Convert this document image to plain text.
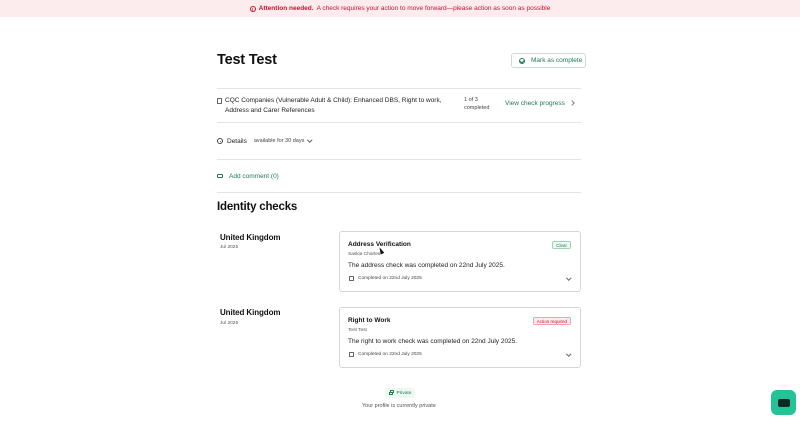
! Attention needed. A check requires your action to move forward—please action as soon as possible
Test Test	Mark as complete
CQC Companies (Vulnerable Adult & Child): Enhanced DBS, Right to work, Address and Carer References
1 of 3 completed
View check progress
Details available for 30 days
Add comment (0)
Identity checks
United Kingdom
Jul 2025	Address Verification	Clear
Saskia Charles
The address check was completed on 22nd July 2025.
Completed on 22nd July 2025
United Kingdom
Jul 2025	Right to Work	Action required
Test Test
The right to work check was completed on 22nd July 2025.
Completed on 22nd July 2025
Private
Your profile is currently private
